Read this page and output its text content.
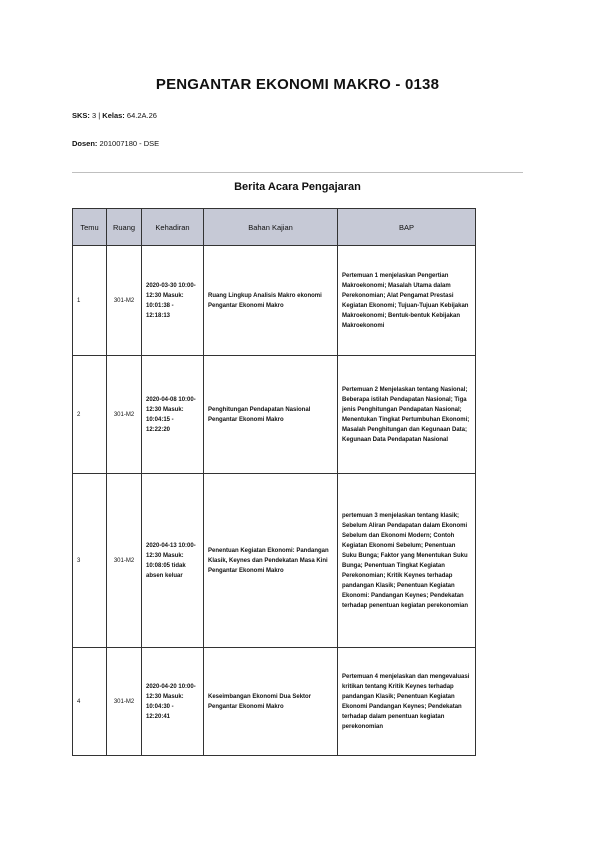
PENGANTAR EKONOMI MAKRO - 0138
SKS: 3 | Kelas: 64.2A.26
Dosen: 201007180 - DSE
Berita Acara Pengajaran
Temu	Ruang	Kehadiran	Bahan Kajian	BAP
1	301-M2	2020-03-30 10:00-12:30 Masuk: 10:01:38 - 12:18:13	Ruang Lingkup Analisis Makro ekonomi Pengantar Ekonomi Makro	Pertemuan 1 menjelaskan Pengertian Makroekonomi; Masalah Utama dalam Perekonomian; Alat Pengamat Prestasi Kegiatan Ekonomi; Tujuan-Tujuan Kebijakan Makroekonomi; Bentuk-bentuk Kebijakan Makroekonomi
2	301-M2	2020-04-08 10:00-12:30 Masuk: 10:04:15 - 12:22:20	Penghitungan Pendapatan Nasional Pengantar Ekonomi Makro	Pertemuan 2 Menjelaskan tentang Nasional; Beberapa istilah Pendapatan Nasional; Tiga jenis Penghitungan Pendapatan Nasional; Menentukan Tingkat Pertumbuhan Ekonomi; Masalah Penghitungan dan Kegunaan Data; Kegunaan Data Pendapatan Nasional
3	301-M2	2020-04-13 10:00-12:30 Masuk: 10:08:05 tidak absen keluar	Penentuan Kegiatan Ekonomi: Pandangan Klasik, Keynes dan Pendekatan Masa Kini Pengantar Ekonomi Makro	pertemuan 3 menjelaskan tentang klasik; Sebelum Aliran Pendapatan dalam Ekonomi Sebelum dan Ekonomi Modern; Contoh Kegiatan Ekonomi Sebelum; Penentuan Suku Bunga; Faktor yang Menentukan Suku Bunga; Penentuan Tingkat Kegiatan Perekonomian; Kritik Keynes terhadap pandangan Klasik; Penentuan Kegiatan Ekonomi: Pandangan Keynes; Pendekatan terhadap penentuan kegiatan perekonomian
4	301-M2	2020-04-20 10:00-12:30 Masuk: 10:04:30 - 12:20:41	Keseimbangan Ekonomi Dua Sektor Pengantar Ekonomi Makro	Pertemuan 4 menjelaskan dan mengevaluasi kritikan tentang Kritik Keynes terhadap pandangan Klasik; Penentuan Kegiatan Ekonomi Pandangan Keynes; Pendekatan terhadap dalam penentuan kegiatan perekonomian
